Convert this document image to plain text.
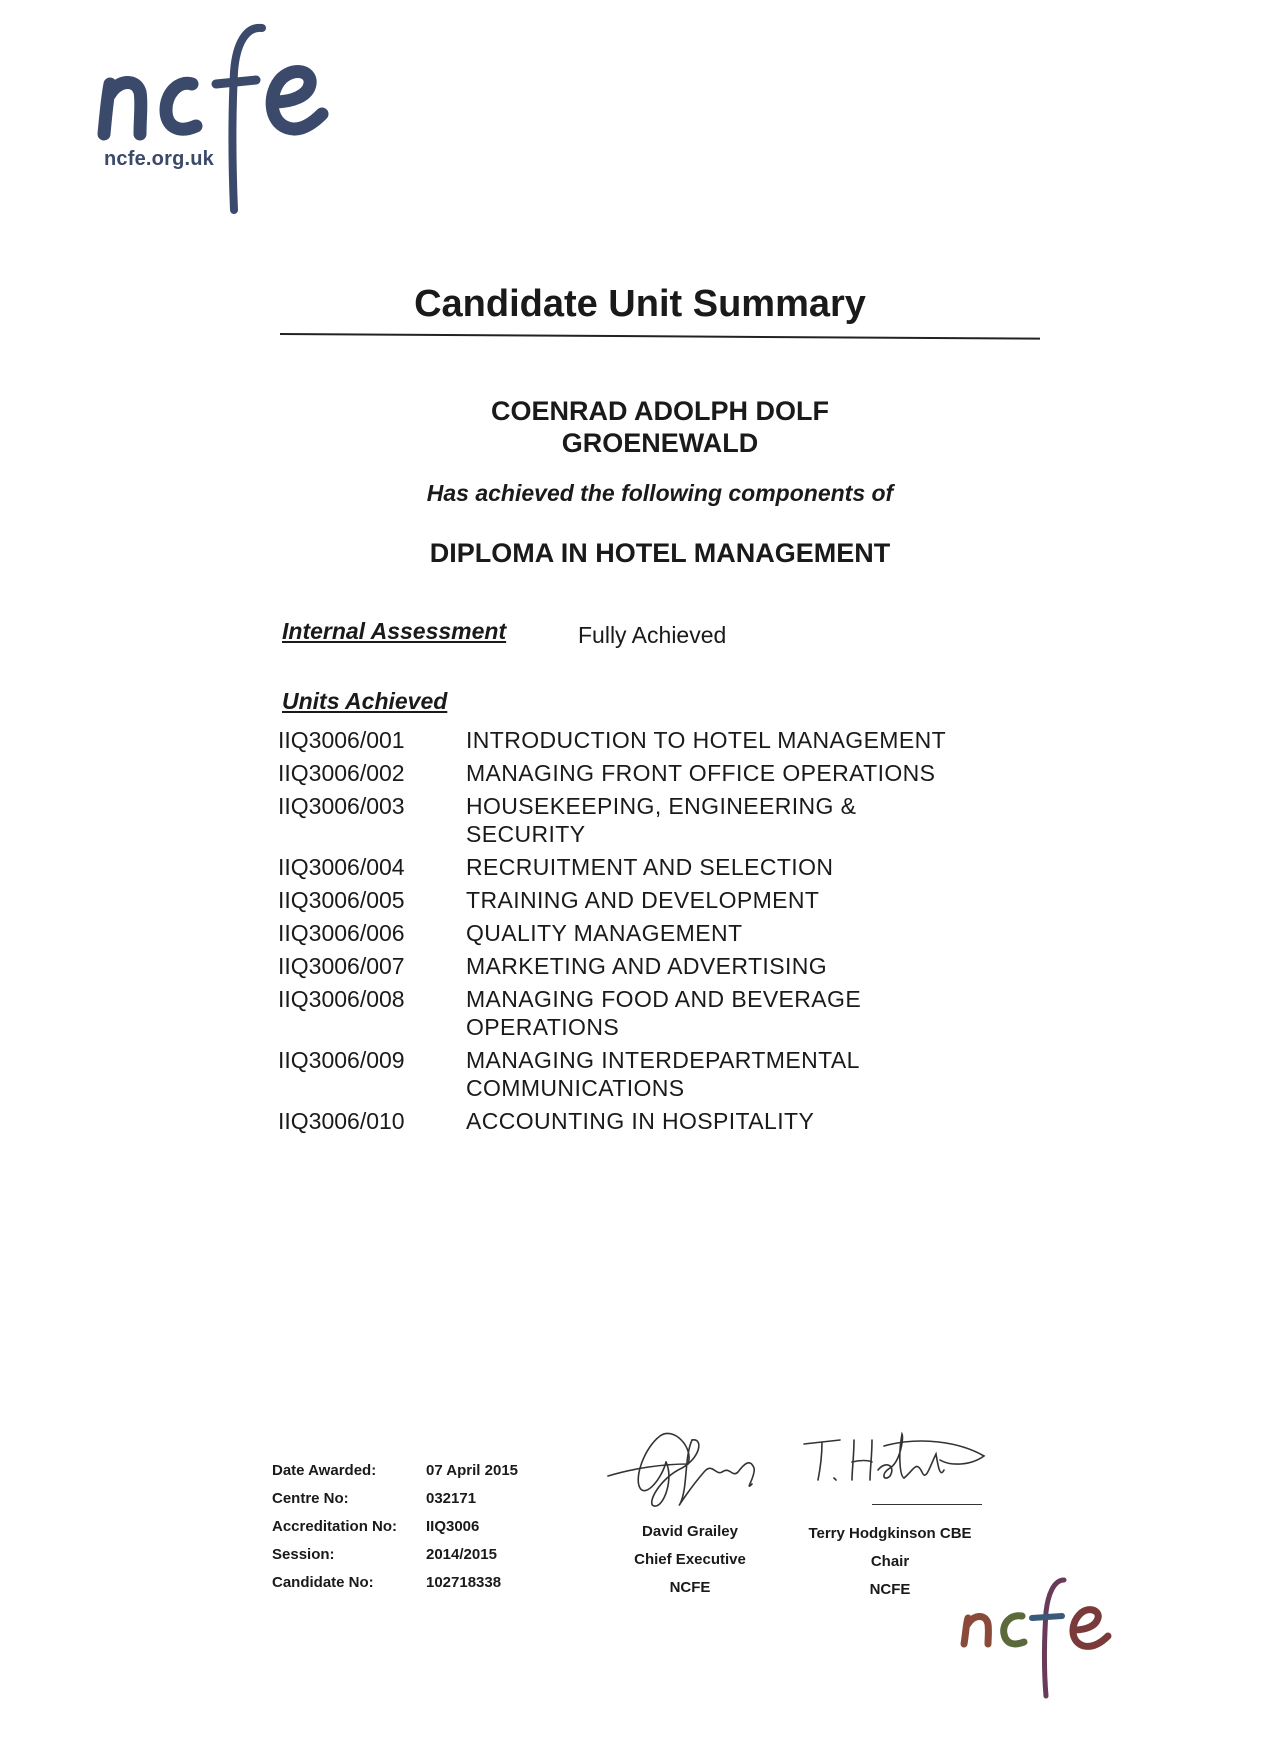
ncfe.org.uk
Candidate Unit Summary
COENRAD ADOLPH DOLF
GROENEWALD
Has achieved the following components of
DIPLOMA IN HOTEL MANAGEMENT
Internal Assessment	Fully Achieved
Units Achieved
IIQ3006/001	INTRODUCTION TO HOTEL MANAGEMENT
IIQ3006/002	MANAGING FRONT OFFICE OPERATIONS
IIQ3006/003	HOUSEKEEPING, ENGINEERING & SECURITY
IIQ3006/004	RECRUITMENT AND SELECTION
IIQ3006/005	TRAINING AND DEVELOPMENT
IIQ3006/006	QUALITY MANAGEMENT
IIQ3006/007	MARKETING AND ADVERTISING
IIQ3006/008	MANAGING FOOD AND BEVERAGE OPERATIONS
IIQ3006/009	MANAGING INTERDEPARTMENTAL COMMUNICATIONS
IIQ3006/010	ACCOUNTING IN HOSPITALITY
Date Awarded:	07 April 2015
Centre No:	032171
Accreditation No:	IIQ3006
Session:	2014/2015
Candidate No:	102718338
David Grailey
Chief Executive
NCFE
Terry Hodgkinson CBE
Chair
NCFE
